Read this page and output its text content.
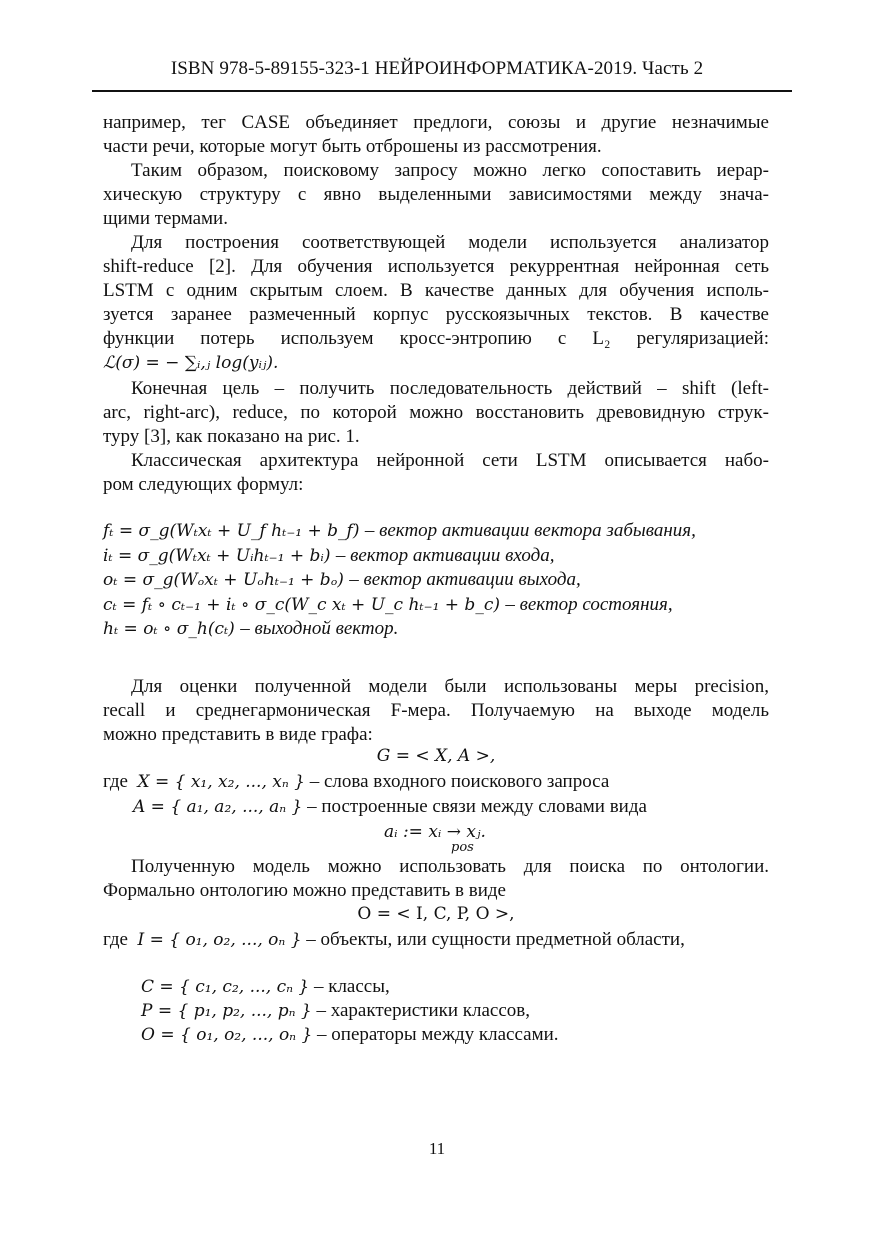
ISBN 978-5-89155-323-1 НЕЙРОИНФОРМАТИКА-2019. Часть 2
например, тег CASE объединяет предлоги, союзы и другие незначимые
части речи, которые могут быть отброшены из рассмотрения.
Таким образом, поисковому запросу можно легко сопоставить иерар-
хическую структуру с явно выделенными зависимостями между знача-
щими термами.
Для построения соответствующей модели используется анализатор
shift-reduce [2]. Для обучения используется рекуррентная нейронная сеть
LSTM с одним скрытым слоем. В качестве данных для обучения исполь-
зуется заранее размеченный корпус русскоязычных текстов. В качестве
функции потерь используем кросс-энтропию с L₂ регуляризацией:
ℒ(σ) = − ∑ᵢ,ⱼ log(yᵢⱼ).
Конечная цель – получить последовательность действий – shift (left-
arc, right-arc), reduce, по которой можно восстановить древовидную струк-
туру [3], как показано на рис. 1.
Классическая архитектура нейронной сети LSTM описывается набо-
ром следующих формул:
fₜ = σ_g(Wₜxₜ + U_f hₜ₋₁ + b_f) – вектор активации вектора забывания,
iₜ = σ_g(Wₜxₜ + Uᵢhₜ₋₁ + bᵢ) – вектор активации входа,
oₜ = σ_g(Wₒxₜ + Uₒhₜ₋₁ + bₒ) – вектор активации выхода,
cₜ = fₜ ∘ cₜ₋₁ + iₜ ∘ σ_c(W_c xₜ + U_c hₜ₋₁ + b_c) – вектор состояния,
hₜ = oₜ ∘ σ_h(cₜ) – выходной вектор.
Для оценки полученной модели были использованы меры precision,
recall и среднегармоническая F-мера. Получаемую на выходе модель
можно представить в виде графа:
G = < X, A >,
где X = { x₁, x₂, ..., xₙ } – слова входного поискового запроса
A = { a₁, a₂, ..., aₙ } – построенные связи между словами вида
aᵢ := xᵢ → xⱼ.
pos
Полученную модель можно использовать для поиска по онтологии.
Формально онтологию можно представить в виде
O = < I, C, P, O >,
где I = { o₁, o₂, ..., oₙ } – объекты, или сущности предметной области,
C = { c₁, c₂, ..., cₙ } – классы,
P = { p₁, p₂, ..., pₙ } – характеристики классов,
O = { o₁, o₂, ..., oₙ } – операторы между классами.
11
